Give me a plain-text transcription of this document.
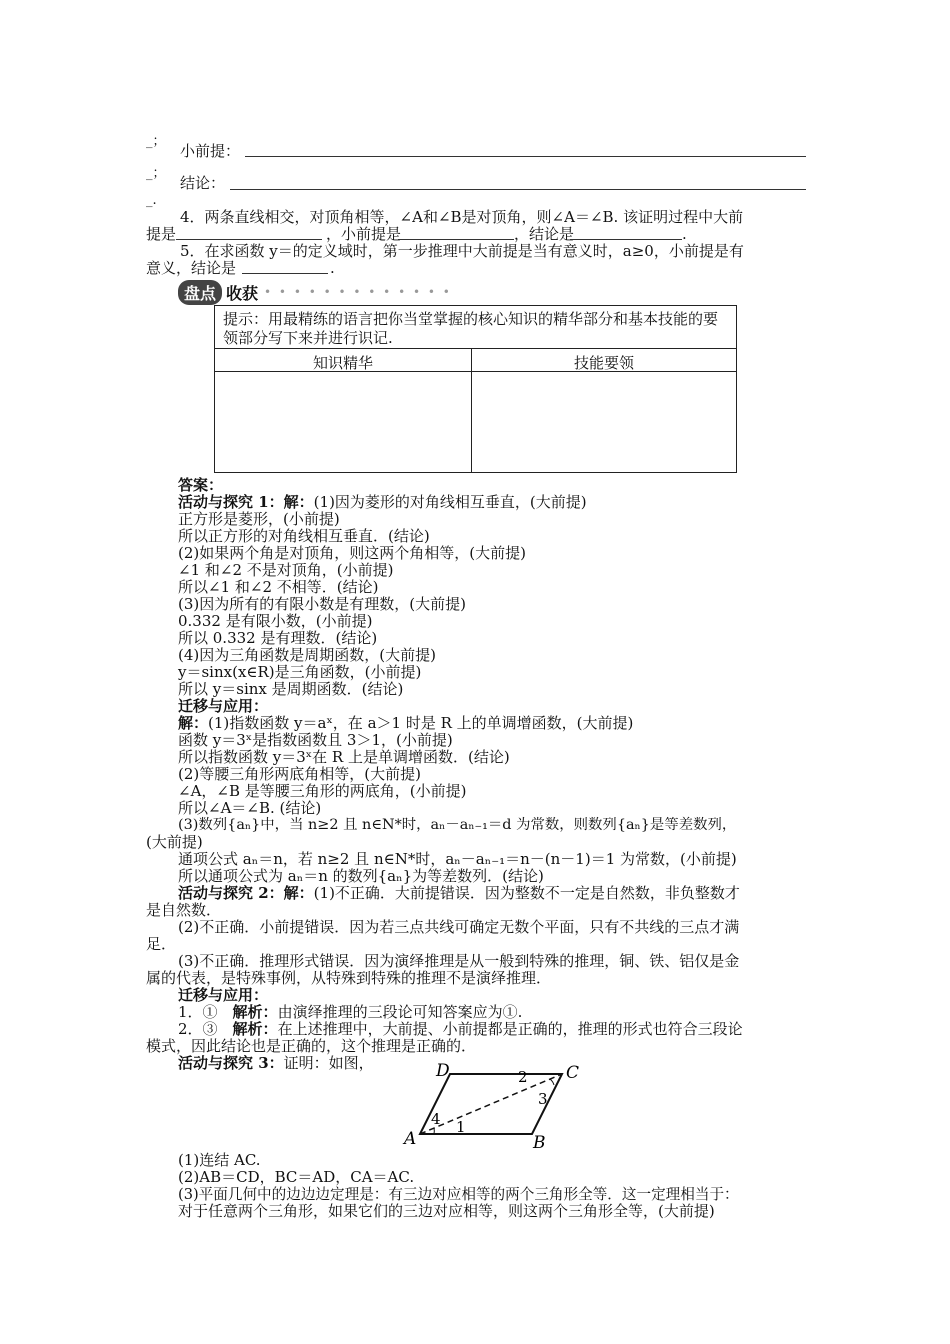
_；
小前提：
_；
结论：
_.
4．两条直线相交，对顶角相等，∠A和∠B是对顶角，则∠A＝∠B. 该证明过程中大前
提是	，小前提是	，结论是	.
5．在求函数 y＝的定义域时，第一步推理中大前提是当有意义时，a≥0，小前提是有
意义，结论是	.
盘点 收获 • • • • • • • • • • • • •
提示：用最精练的语言把你当堂掌握的核心知识的精华部分和基本技能的要领部分写下来并进行识记.
知识精华	技能要领
答案：
活动与探究 1：解：(1)因为菱形的对角线相互垂直，(大前提)
正方形是菱形，(小前提)
所以正方形的对角线相互垂直．(结论)
(2)如果两个角是对顶角，则这两个角相等，(大前提)
∠1 和∠2 不是对顶角，(小前提)
所以∠1 和∠2 不相等．(结论)
(3)因为所有的有限小数是有理数，(大前提)
0.332 是有限小数，(小前提)
所以 0.332 是有理数．(结论)
(4)因为三角函数是周期函数，(大前提)
y＝sinx(x∈R)是三角函数，(小前提)
所以 y＝sinx 是周期函数．(结论)
迁移与应用：
解：(1)指数函数 y＝aˣ，在 a＞1 时是 R 上的单调增函数，(大前提)
函数 y＝3ˣ是指数函数且 3＞1，(小前提)
所以指数函数 y＝3ˣ在 R 上是单调增函数．(结论)
(2)等腰三角形两底角相等，(大前提)
∠A，∠B 是等腰三角形的两底角，(小前提)
所以∠A＝∠B. (结论)
(3)数列{aₙ}中，当 n≥2 且 n∈N*时，aₙ－aₙ₋₁＝d 为常数，则数列{aₙ}是等差数列，
(大前提)
通项公式 aₙ＝n，若 n≥2 且 n∈N*时，aₙ－aₙ₋₁＝n－(n－1)＝1 为常数，(小前提)
所以通项公式为 aₙ＝n 的数列{aₙ}为等差数列．(结论)
活动与探究 2：解：(1)不正确．大前提错误．因为整数不一定是自然数，非负整数才
是自然数．
(2)不正确．小前提错误．因为若三点共线可确定无数个平面，只有不共线的三点才满
足．
(3)不正确．推理形式错误．因为演绎推理是从一般到特殊的推理，铜、铁、铝仅是金
属的代表，是特殊事例，从特殊到特殊的推理不是演绎推理．
迁移与应用：
1．①　解析：由演绎推理的三段论可知答案应为①.
2．③　解析：在上述推理中，大前提、小前提都是正确的，推理的形式也符合三段论
模式，因此结论也是正确的，这个推理是正确的．
活动与探究 3：证明：如图，	D	C
A	B
1
2
3
4
(1)连结 AC.
(2)AB＝CD，BC＝AD，CA＝AC.
(3)平面几何中的边边边定理是：有三边对应相等的两个三角形全等．这一定理相当于：
对于任意两个三角形，如果它们的三边对应相等，则这两个三角形全等，(大前提)
